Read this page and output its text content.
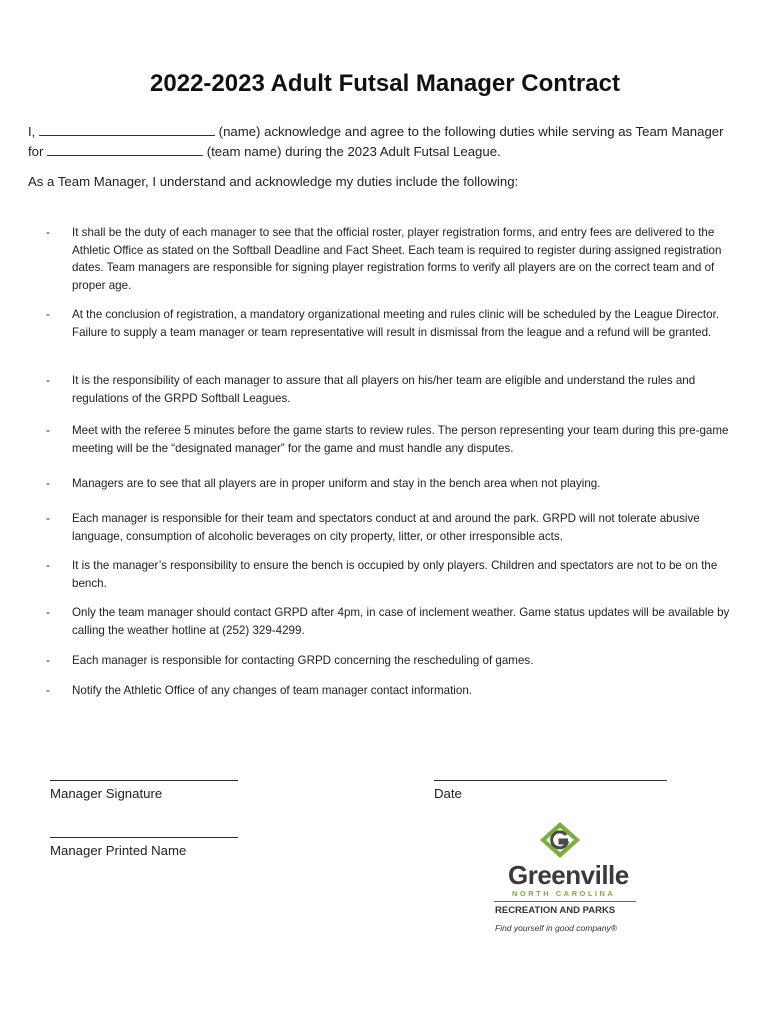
2022-2023 Adult Futsal Manager Contract
I,	(name) acknowledge and agree to the following duties while serving as Team Manager
for	(team name) during the 2023 Adult Futsal League.
As a Team Manager, I understand and acknowledge my duties include the following:
- It shall be the duty of each manager to see that the official roster, player registration forms, and entry fees are delivered to the Athletic Office as stated on the Softball Deadline and Fact Sheet. Each team is required to register during assigned registration dates. Team managers are responsible for signing player registration forms to verify all players are on the correct team and of proper age.
- At the conclusion of registration, a mandatory organizational meeting and rules clinic will be scheduled by the League Director. Failure to supply a team manager or team representative will result in dismissal from the league and a refund will be granted.
- It is the responsibility of each manager to assure that all players on his/her team are eligible and understand the rules and regulations of the GRPD Softball Leagues.
- Meet with the referee 5 minutes before the game starts to review rules. The person representing your team during this pre-game meeting will be the “designated manager” for the game and must handle any disputes.
- Managers are to see that all players are in proper uniform and stay in the bench area when not playing.
- Each manager is responsible for their team and spectators conduct at and around the park. GRPD will not tolerate abusive language, consumption of alcoholic beverages on city property, litter, or other irresponsible acts.
- It is the manager’s responsibility to ensure the bench is occupied by only players. Children and spectators are not to be on the bench.
- Only the team manager should contact GRPD after 4pm, in case of inclement weather. Game status updates will be available by calling the weather hotline at (252) 329-4299.
- Each manager is responsible for contacting GRPD concerning the rescheduling of games.
- Notify the Athletic Office of any changes of team manager contact information.
Manager Signature	Date
Manager Printed Name
Greenville
NORTH CAROLINA
RECREATION AND PARKS
Find yourself in good company®
